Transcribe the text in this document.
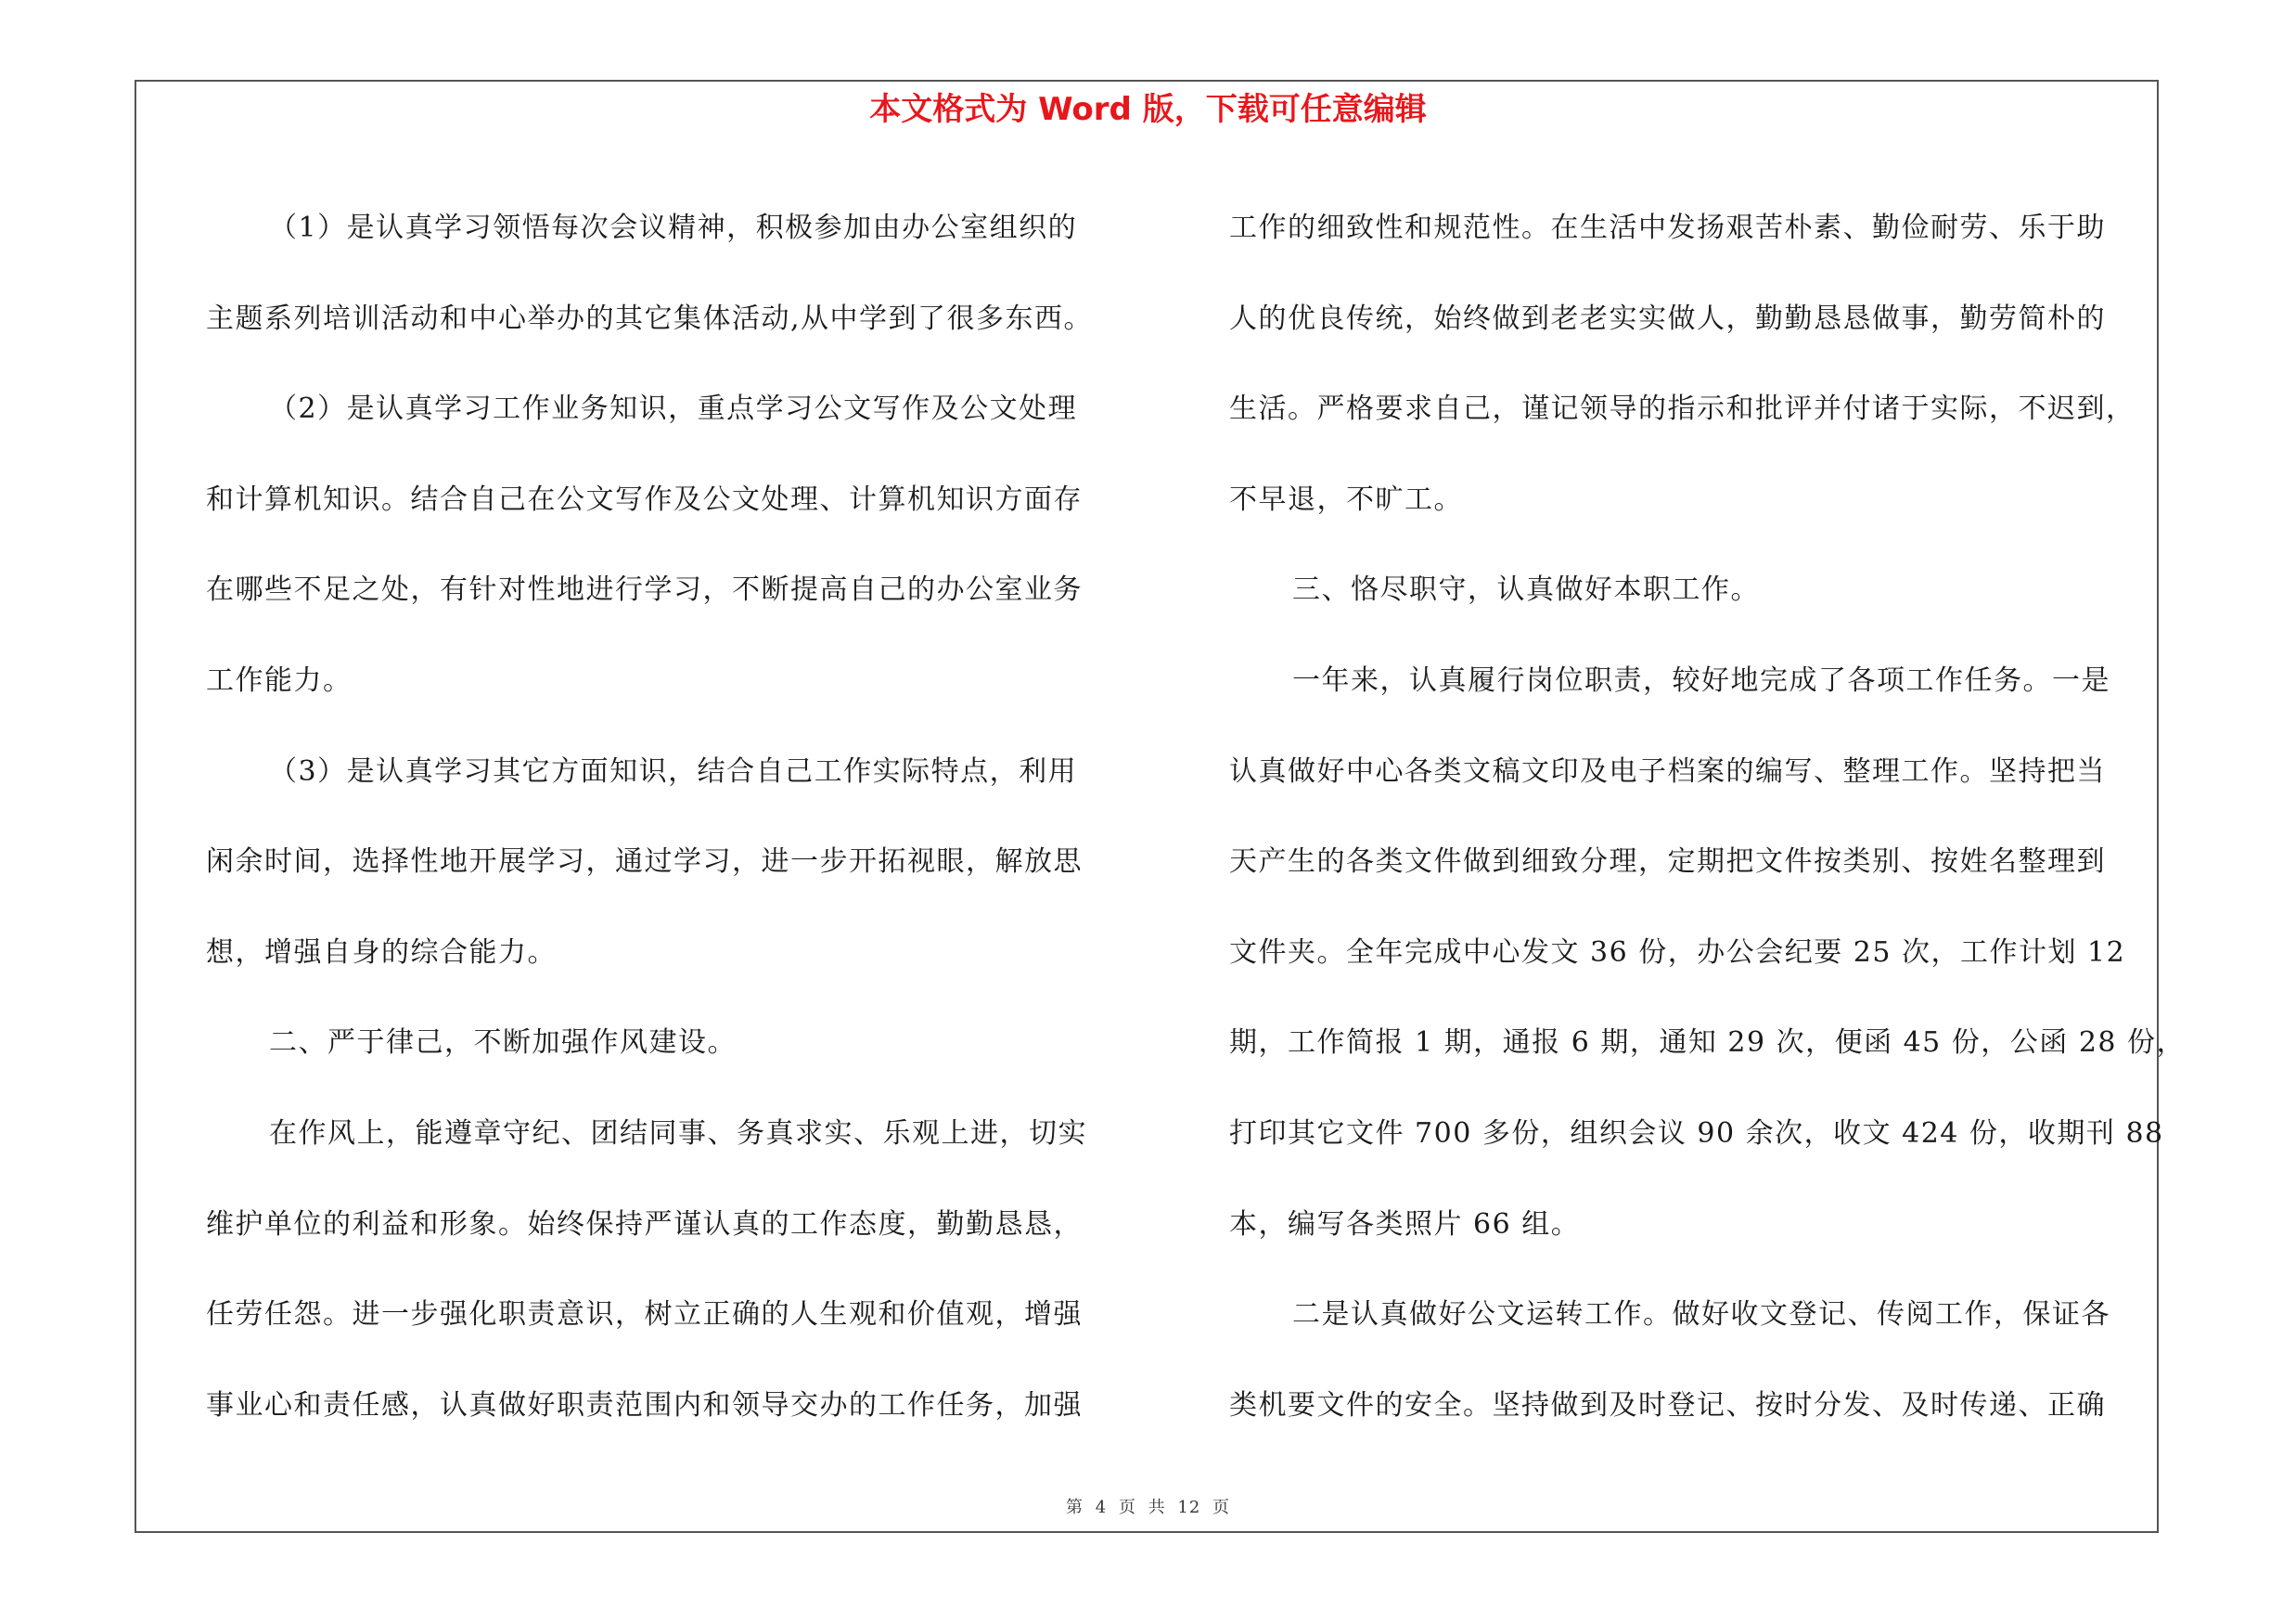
本文格式为 Word 版，下载可任意编辑
（1）是认真学习领悟每次会议精神，积极参加由办公室组织的
主题系列培训活动和中心举办的其它集体活动,从中学到了很多东西。
（2）是认真学习工作业务知识，重点学习公文写作及公文处理
和计算机知识。结合自己在公文写作及公文处理、计算机知识方面存
在哪些不足之处，有针对性地进行学习，不断提高自己的办公室业务
工作能力。
（3）是认真学习其它方面知识，结合自己工作实际特点，利用
闲余时间，选择性地开展学习，通过学习，进一步开拓视眼，解放思
想，增强自身的综合能力。
二、严于律己，不断加强作风建设。
在作风上，能遵章守纪、团结同事、务真求实、乐观上进，切实
维护单位的利益和形象。始终保持严谨认真的工作态度，勤勤恳恳，
任劳任怨。进一步强化职责意识，树立正确的人生观和价值观，增强
事业心和责任感，认真做好职责范围内和领导交办的工作任务，加强
工作的细致性和规范性。在生活中发扬艰苦朴素、勤俭耐劳、乐于助
人的优良传统，始终做到老老实实做人，勤勤恳恳做事，勤劳简朴的
生活。严格要求自己，谨记领导的指示和批评并付诸于实际，不迟到，
不早退，不旷工。
三、恪尽职守，认真做好本职工作。
一年来，认真履行岗位职责，较好地完成了各项工作任务。一是
认真做好中心各类文稿文印及电子档案的编写、整理工作。坚持把当
天产生的各类文件做到细致分理，定期把文件按类别、按姓名整理到
文件夹。全年完成中心发文 36 份，办公会纪要 25 次，工作计划 12
期，工作简报 1 期，通报 6 期，通知 29 次，便函 45 份，公函 28 份，
打印其它文件 700 多份，组织会议 90 余次，收文 424 份，收期刊 88
本，编写各类照片 66 组。
二是认真做好公文运转工作。做好收文登记、传阅工作，保证各
类机要文件的安全。坚持做到及时登记、按时分发、及时传递、正确
第 4 页 共 12 页
